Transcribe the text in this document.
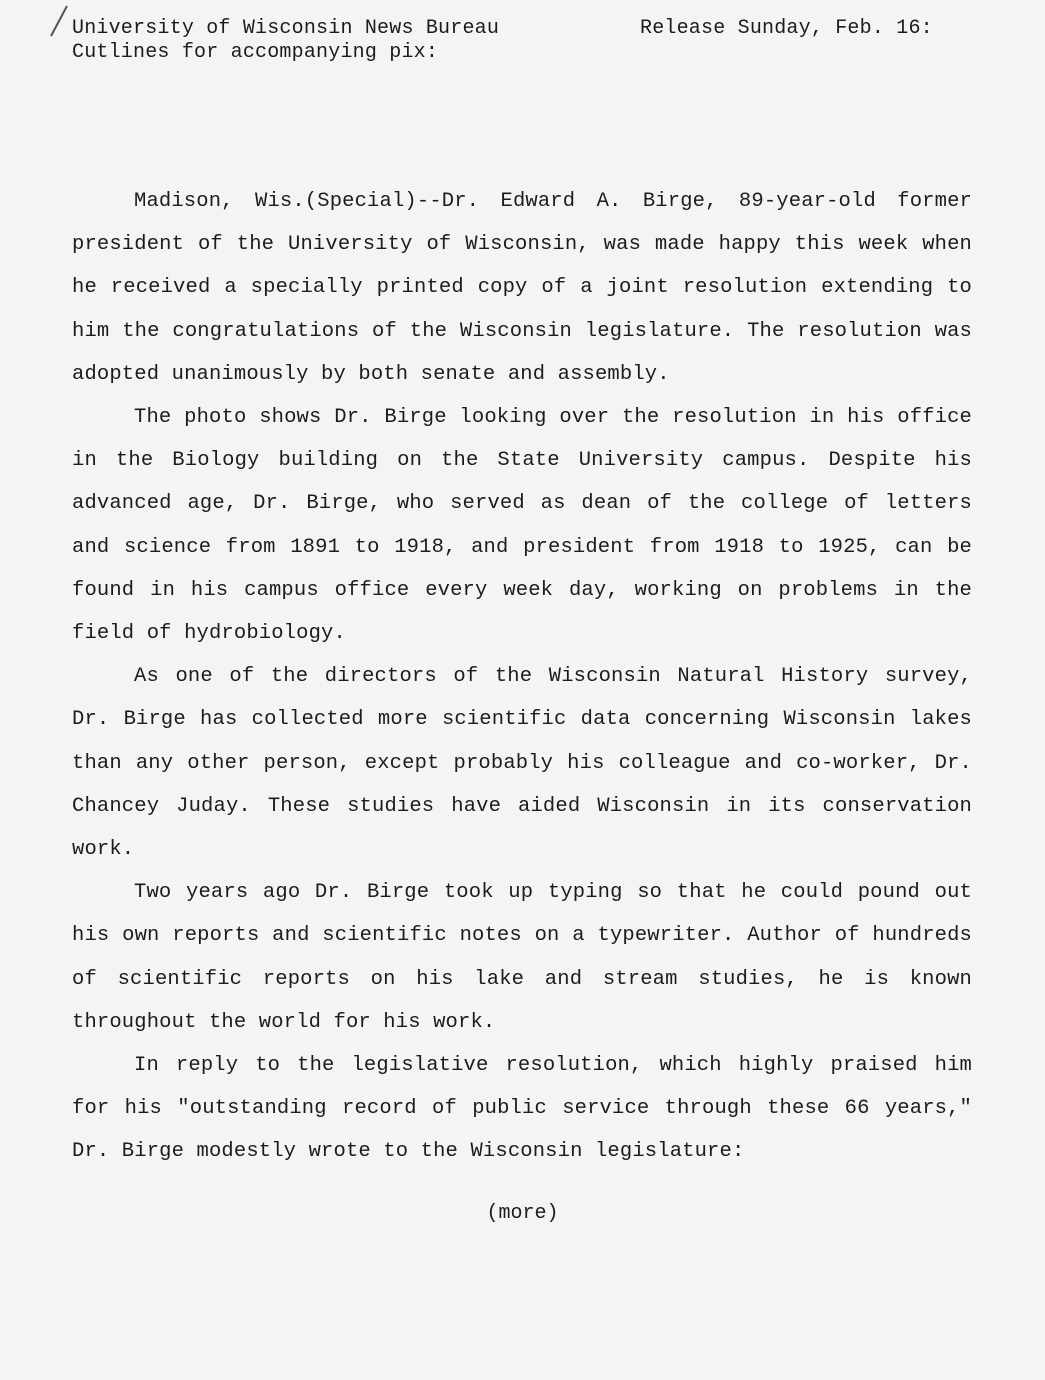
University of Wisconsin News Bureau
Cutlines for accompanying pix:
Release Sunday, Feb. 16:

Madison, Wis.(Special)--Dr. Edward A. Birge, 89-year-old former president of the University of Wisconsin, was made happy this week when he received a specially printed copy of a joint resolution extending to him the congratulations of the Wisconsin legislature. The resolution was adopted unanimously by both senate and assembly.

The photo shows Dr. Birge looking over the resolution in his office in the Biology building on the State University campus. Despite his advanced age, Dr. Birge, who served as dean of the college of letters and science from 1891 to 1918, and president from 1918 to 1925, can be found in his campus office every week day, working on problems in the field of hydrobiology.

As one of the directors of the Wisconsin Natural History survey, Dr. Birge has collected more scientific data concerning Wisconsin lakes than any other person, except probably his colleague and co-worker, Dr. Chancey Juday. These studies have aided Wisconsin in its conservation work.

Two years ago Dr. Birge took up typing so that he could pound out his own reports and scientific notes on a typewriter. Author of hundreds of scientific reports on his lake and stream studies, he is known throughout the world for his work.

In reply to the legislative resolution, which highly praised him for his "outstanding record of public service through these 66 years," Dr. Birge modestly wrote to the Wisconsin legislature:

(more)
